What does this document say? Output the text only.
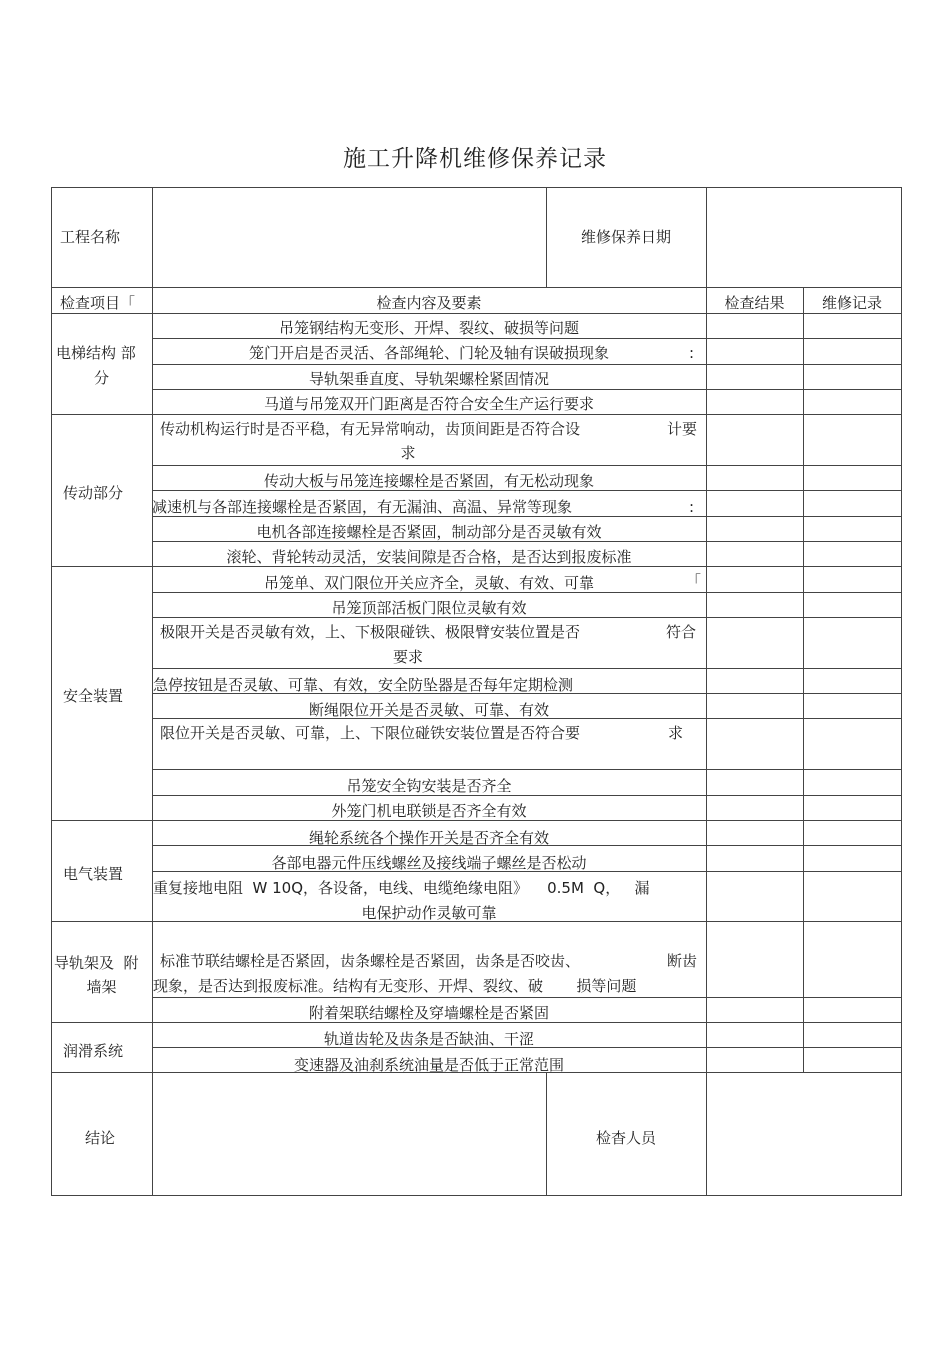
施工升降机维修保养记录
工程名称	维修保养日期
检查项目「	检查内容及要素	检查结果	维修记录
电梯结构 部
分
吊笼钢结构无变形、开焊、裂纹、破损等问题
笼门开启是否灵活、各部绳轮、门轮及轴有误破损现象	:
导轨架垂直度、导轨架螺栓紧固情况
马道与吊笼双开门距离是否符合安全生产运行要求
传动部分
传动机构运行时是否平稳，有无异常响动，齿顶间距是否符合设	计要
求
传动大板与吊笼连接螺栓是否紧固，有无松动现象
减速机与各部连接螺栓是否紧固，有无漏油、高温、异常等现象	:
电机各部连接螺栓是否紧固，制动部分是否灵敏有效
滚轮、背轮转动灵活，安装间隙是否合格，是否达到报废标准
安全装置
吊笼单、双门限位开关应齐全，灵敏、有效、可靠	「
吊笼顶部活板门限位灵敏有效
极限开关是否灵敏有效，上、下极限碰铁、极限臂安装位置是否	符合
要求
急停按钮是否灵敏、可靠、有效，安全防坠器是否每年定期检测
断绳限位开关是否灵敏、可靠、有效
限位开关是否灵敏、可靠，上、下限位碰铁安装位置是否符合要	求
吊笼安全钩安装是否齐全
外笼门机电联锁是否齐全有效
电气装置
绳轮系统各个操作开关是否齐全有效
各部电器元件压线螺丝及接线端子螺丝是否松动
重复接地电阻  W 10Q，各设备，电线、电缆绝缘电阻》    0.5M  Q，   漏
电保护动作灵敏可靠
导轨架及  附
墙架
标准节联结螺栓是否紧固，齿条螺栓是否紧固，齿条是否咬齿、	断齿
现象，是否达到报废标准。结构有无变形、开焊、裂纹、破       损等问题
附着架联结螺栓及穿墙螺栓是否紧固
润滑系统
轨道齿轮及齿条是否缺油、干涩
变速器及油刹系统油量是否低于正常范围
结论	检杳人员
